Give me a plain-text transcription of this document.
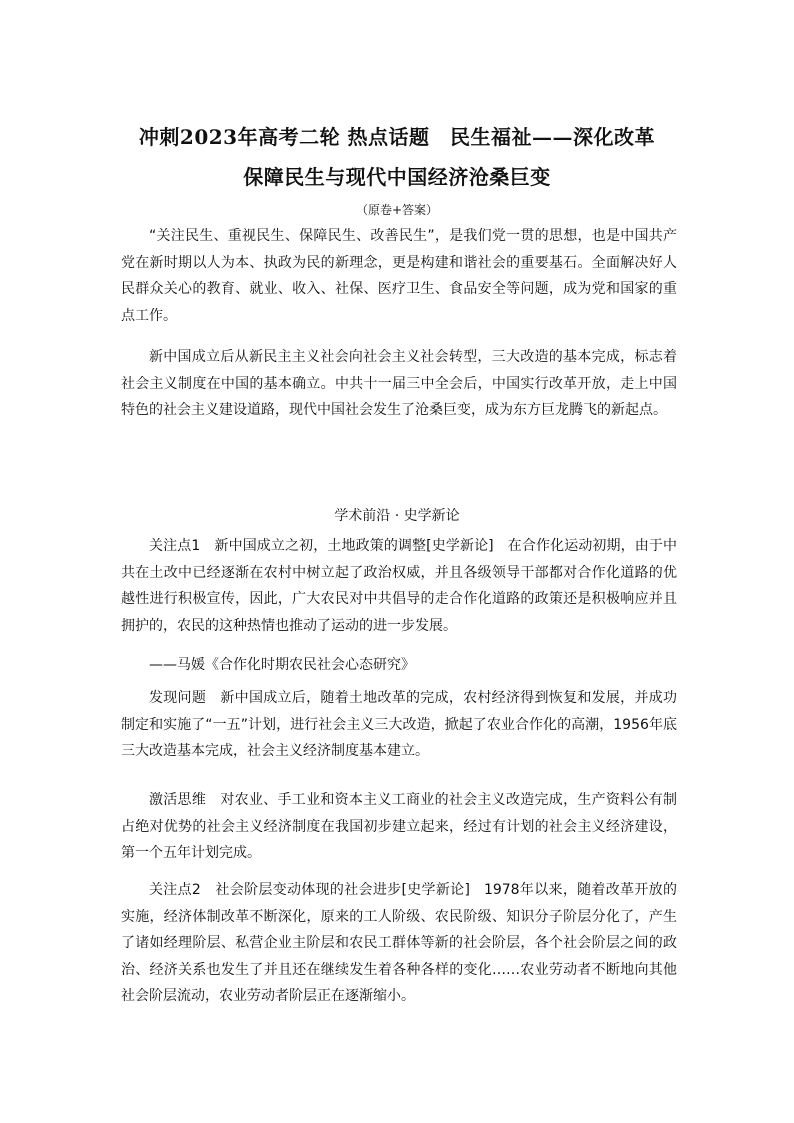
冲刺2023年高考二轮 热点话题　民生福祉——深化改革
保障民生与现代中国经济沧桑巨变
（原卷+答案）

“关注民生、重视民生、保障民生、改善民生”，是我们党一贯的思想，也是中国共产党在新时期以人为本、执政为民的新理念，更是构建和谐社会的重要基石。全面解决好人民群众关心的教育、就业、收入、社保、医疗卫生、食品安全等问题，成为党和国家的重点工作。

新中国成立后从新民主主义社会向社会主义社会转型，三大改造的基本完成，标志着社会主义制度在中国的基本确立。中共十一届三中全会后，中国实行改革开放，走上中国特色的社会主义建设道路，现代中国社会发生了沧桑巨变，成为东方巨龙腾飞的新起点。

学术前沿 · 史学新论

关注点1　新中国成立之初，土地政策的调整[史学新论] 在合作化运动初期，由于中共在土改中已经逐渐在农村中树立起了政治权威，并且各级领导干部都对合作化道路的优越性进行积极宣传，因此，广大农民对中共倡导的走合作化道路的政策还是积极响应并且拥护的，农民的这种热情也推动了运动的进一步发展。

——马媛《合作化时期农民社会心态研究》

发现问题 新中国成立后，随着土地改革的完成，农村经济得到恢复和发展，并成功制定和实施了“一五”计划，进行社会主义三大改造，掀起了农业合作化的高潮，1956年底三大改造基本完成，社会主义经济制度基本建立。

激活思维 对农业、手工业和资本主义工商业的社会主义改造完成，生产资料公有制占绝对优势的社会主义经济制度在我国初步建立起来，经过有计划的社会主义经济建设，第一个五年计划完成。

关注点2　社会阶层变动体现的社会进步[史学新论] 1978年以来，随着改革开放的实施，经济体制改革不断深化，原来的工人阶级、农民阶级、知识分子阶层分化了，产生了诸如经理阶层、私营企业主阶层和农民工群体等新的社会阶层，各个社会阶层之间的政治、经济关系也发生了并且还在继续发生着各种各样的变化……农业劳动者不断地向其他社会阶层流动，农业劳动者阶层正在逐渐缩小。
